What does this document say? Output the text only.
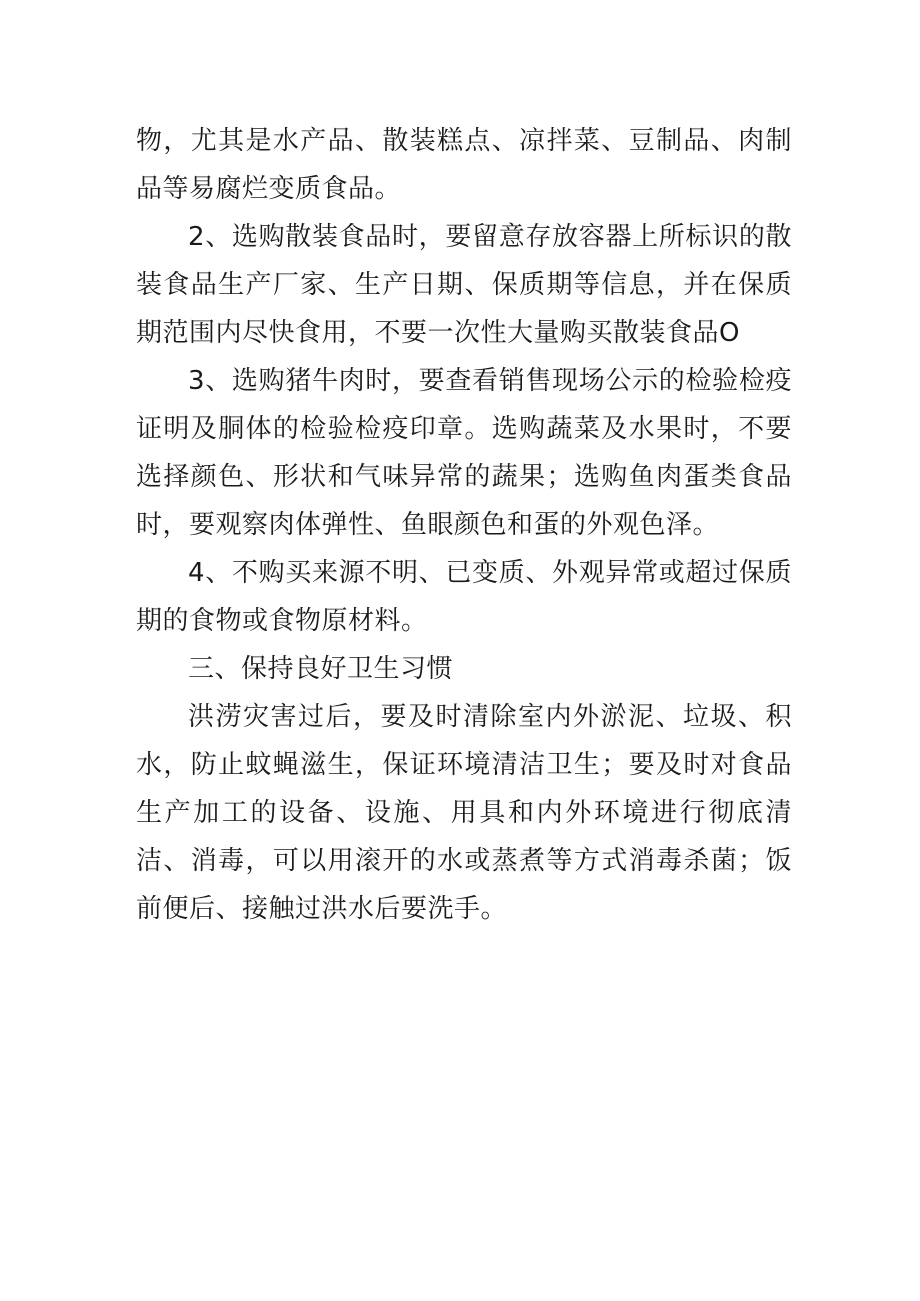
物，尤其是水产品、散装糕点、凉拌菜、豆制品、肉制品等易腐烂变质食品。

2、选购散装食品时，要留意存放容器上所标识的散装食品生产厂家、生产日期、保质期等信息，并在保质期范围内尽快食用，不要一次性大量购买散装食品O

3、选购猪牛肉时，要查看销售现场公示的检验检疫证明及胴体的检验检疫印章。选购蔬菜及水果时，不要选择颜色、形状和气味异常的蔬果；选购鱼肉蛋类食品时，要观察肉体弹性、鱼眼颜色和蛋的外观色泽。

4、不购买来源不明、已变质、外观异常或超过保质期的食物或食物原材料。

三、保持良好卫生习惯

洪涝灾害过后，要及时清除室内外淤泥、垃圾、积水，防止蚊蝇滋生，保证环境清洁卫生；要及时对食品生产加工的设备、设施、用具和内外环境进行彻底清洁、消毒，可以用滚开的水或蒸煮等方式消毒杀菌；饭前便后、接触过洪水后要洗手。
